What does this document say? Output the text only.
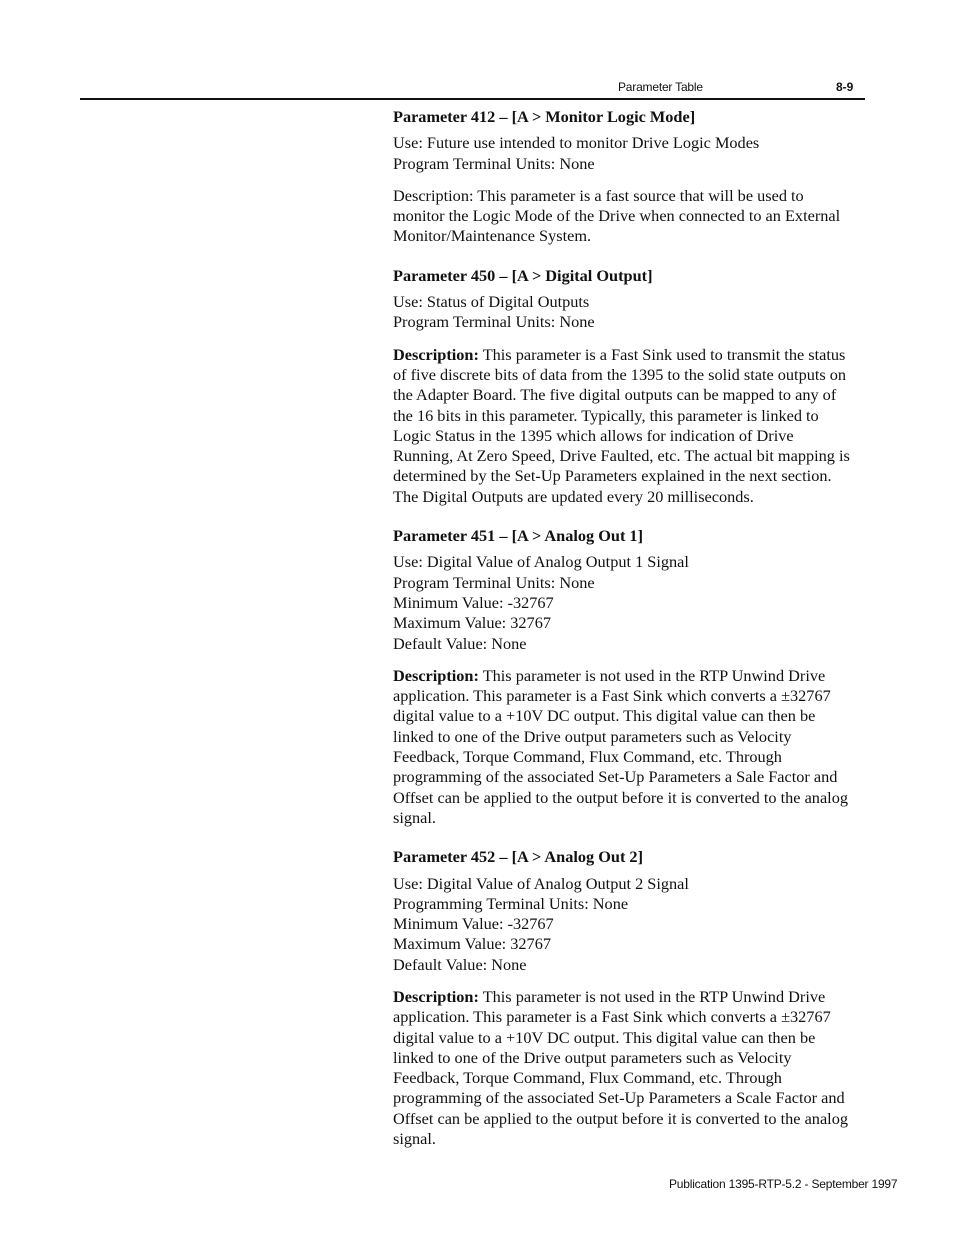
Parameter Table	8-9
Parameter 412 – [A > Monitor Logic Mode]
Use: Future use intended to monitor Drive Logic Modes
Program Terminal Units: None
Description: This parameter is a fast source that will be used to
monitor the Logic Mode of the Drive when connected to an External
Monitor/Maintenance System.
Parameter 450 – [A > Digital Output]
Use: Status of Digital Outputs
Program Terminal Units: None
Description: This parameter is a Fast Sink used to transmit the status
of five discrete bits of data from the 1395 to the solid state outputs on
the Adapter Board. The five digital outputs can be mapped to any of
the 16 bits in this parameter. Typically, this parameter is linked to
Logic Status in the 1395 which allows for indication of Drive
Running, At Zero Speed, Drive Faulted, etc. The actual bit mapping is
determined by the Set-Up Parameters explained in the next section.
The Digital Outputs are updated every 20 milliseconds.
Parameter 451 – [A > Analog Out 1]
Use: Digital Value of Analog Output 1 Signal
Program Terminal Units: None
Minimum Value: -32767
Maximum Value: 32767
Default Value: None
Description: This parameter is not used in the RTP Unwind Drive
application. This parameter is a Fast Sink which converts a ±32767
digital value to a +10V DC output. This digital value can then be
linked to one of the Drive output parameters such as Velocity
Feedback, Torque Command, Flux Command, etc. Through
programming of the associated Set-Up Parameters a Sale Factor and
Offset can be applied to the output before it is converted to the analog
signal.
Parameter 452 – [A > Analog Out 2]
Use: Digital Value of Analog Output 2 Signal
Programming Terminal Units: None
Minimum Value: -32767
Maximum Value: 32767
Default Value: None
Description: This parameter is not used in the RTP Unwind Drive
application. This parameter is a Fast Sink which converts a ±32767
digital value to a +10V DC output. This digital value can then be
linked to one of the Drive output parameters such as Velocity
Feedback, Torque Command, Flux Command, etc. Through
programming of the associated Set-Up Parameters a Scale Factor and
Offset can be applied to the output before it is converted to the analog
signal.
Publication 1395-RTP-5.2 - September 1997
